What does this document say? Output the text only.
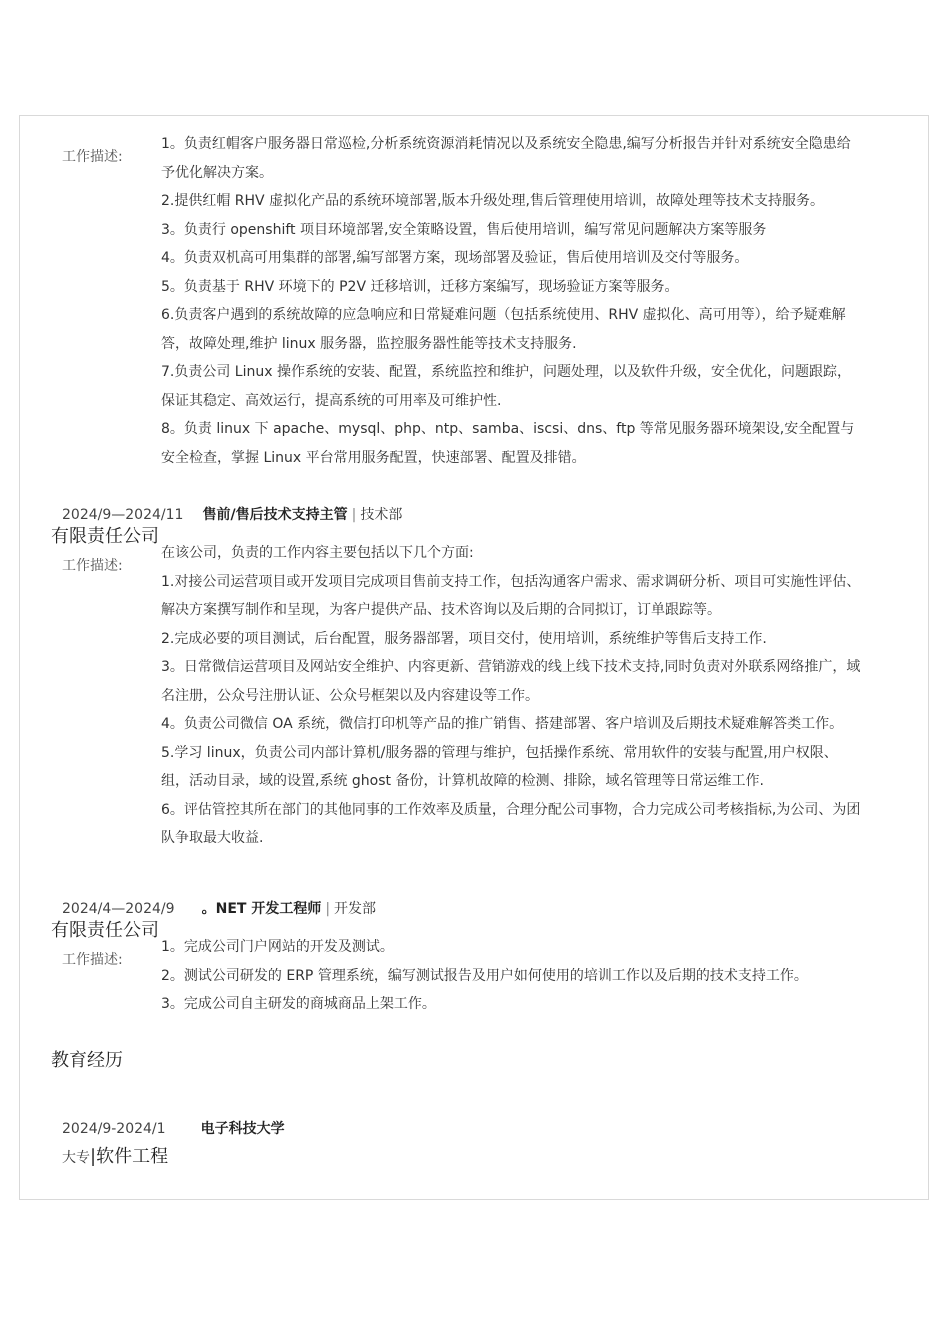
工作描述:

1。负责红帽客户服务器日常巡检,分析系统资源消耗情况以及系统安全隐患,编写分析报告并针对系统安全隐患给予优化解决方案。

2.提供红帽 RHV 虚拟化产品的系统环境部署,版本升级处理,售后管理使用培训，故障处理等技术支持服务。

3。负责行 openshift 项目环境部署,安全策略设置，售后使用培训，编写常见问题解决方案等服务

4。负责双机高可用集群的部署,编写部署方案，现场部署及验证，售后使用培训及交付等服务。

5。负责基于 RHV 环境下的 P2V 迁移培训，迁移方案编写，现场验证方案等服务。

6.负责客户遇到的系统故障的应急响应和日常疑难问题（包括系统使用、RHV 虚拟化、高可用等），给予疑难解答，故障处理,维护 linux 服务器，监控服务器性能等技术支持服务.

7.负责公司 Linux 操作系统的安装、配置，系统监控和维护，问题处理，以及软件升级，安全优化，问题跟踪，保证其稳定、高效运行，提高系统的可用率及可维护性.

8。负责 linux 下 apache、mysql、php、ntp、samba、iscsi、dns、ftp 等常见服务器环境架设,安全配置与安全检查，掌握 Linux 平台常用服务配置，快速部署、配置及排错。

2024/9—2024/11 售前/售后技术支持主管 | 技术部
有限责任公司
工作描述:

在该公司，负责的工作内容主要包括以下几个方面:

1.对接公司运营项目或开发项目完成项目售前支持工作，包括沟通客户需求、需求调研分析、项目可实施性评估、解决方案撰写制作和呈现，为客户提供产品、技术咨询以及后期的合同拟订，订单跟踪等。

2.完成必要的项目测试，后台配置，服务器部署，项目交付，使用培训，系统维护等售后支持工作.

3。日常微信运营项目及网站安全维护、内容更新、营销游戏的线上线下技术支持,同时负责对外联系网络推广，域名注册，公众号注册认证、公众号框架以及内容建设等工作。

4。负责公司微信 OA 系统，微信打印机等产品的推广销售、搭建部署、客户培训及后期技术疑难解答类工作。

5.学习 linux，负责公司内部计算机/服务器的管理与维护，包括操作系统、常用软件的安装与配置,用户权限、组，活动目录，域的设置,系统 ghost 备份，计算机故障的检测、排除，域名管理等日常运维工作.

6。评估管控其所在部门的其他同事的工作效率及质量，合理分配公司事物，合力完成公司考核指标,为公司、为团队争取最大收益.

2024/4—2024/9 。NET 开发工程师 | 开发部
有限责任公司
工作描述:

1。完成公司门户网站的开发及测试。

2。测试公司研发的 ERP 管理系统，编写测试报告及用户如何使用的培训工作以及后期的技术支持工作。

3。完成公司自主研发的商城商品上架工作。

教育经历
2024/9-2024/1	电子科技大学
大专|软件工程
